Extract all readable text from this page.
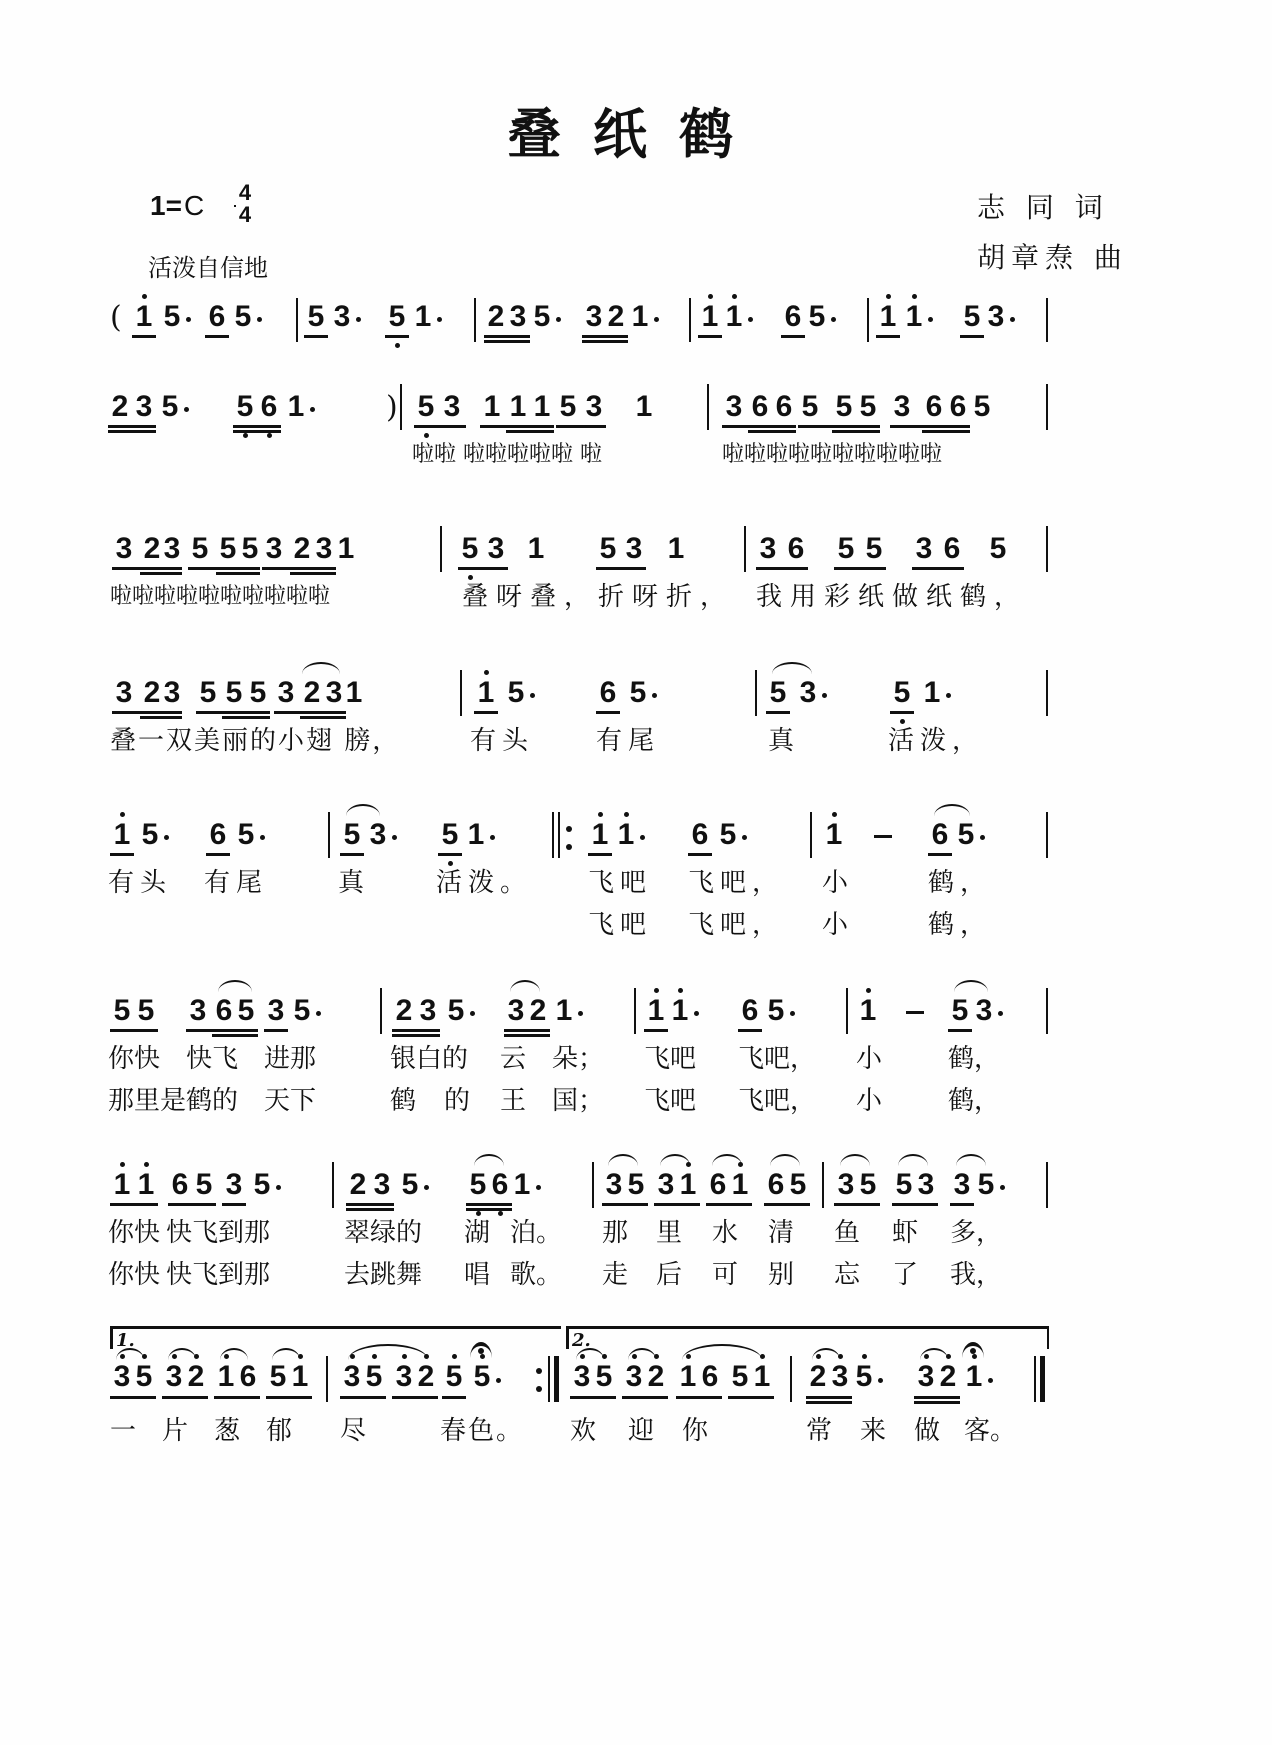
叠纸鹤
1=C 4
4
活泼自信地
志 同 词
胡章焘 曲
( 1 5 6 5 5 3 5 1 2 3 5 3 2 1 1 1 6 5 1 1 5 3
2 3 5 5 6 1	) 5 3 1 1 1 5 3 1 3 6 6 5 5 5 3 6 6 5
啦啦 啦啦啦啦啦 啦	啦啦啦啦啦啦啦啦啦啦
3 2 3 5 5 5 3 2 3 1	5 3 1 5 3 1	3 6 5 5 3 6 5
啦啦啦啦啦啦啦啦啦啦	叠呀叠，折呀折， 我用彩纸做纸鹤，
3 2 3 5 5 5 3 2 3 1	1 5	6 5	5 3	5 1
叠一双美丽的小翅 膀，	有头 有尾	真	活泼，
1 5 6 5	5 3 5 1	1 1 6 5	1	6 5
有头 有尾	真	活泼。 飞吧 飞吧， 小	鹤，
飞吧 飞吧， 小	鹤，
5 5 3 6 5 3 5	2 3 5 3 2 1	1 1 6 5	1	5 3
你快 快飞 进那	银白的 云 朵； 飞吧 飞吧， 小	鹤，
那里是鹤的 天下	鹤 的 王 国； 飞吧 飞吧， 小	鹤，
1 1 6 5 3 5	2 3 5 5 6 1	3 5 3 1 6 1 6 5 3 5 5 3 3 5
你快 快飞到那	翠绿的 湖 泊。 那 里 水 清 鱼 虾 多，
你快 快飞到那	去跳舞 唱 歌。 走 后 可 别 忘 了 我，
1.	2.
3 5 3 2 1 6 5 1 3 5 3 2 5 5	3 5 3 2 1 6 5 1 2 3 5 3 2 1
一 片 葱 郁 尽	春色。 欢 迎 你	常 来 做 客。
